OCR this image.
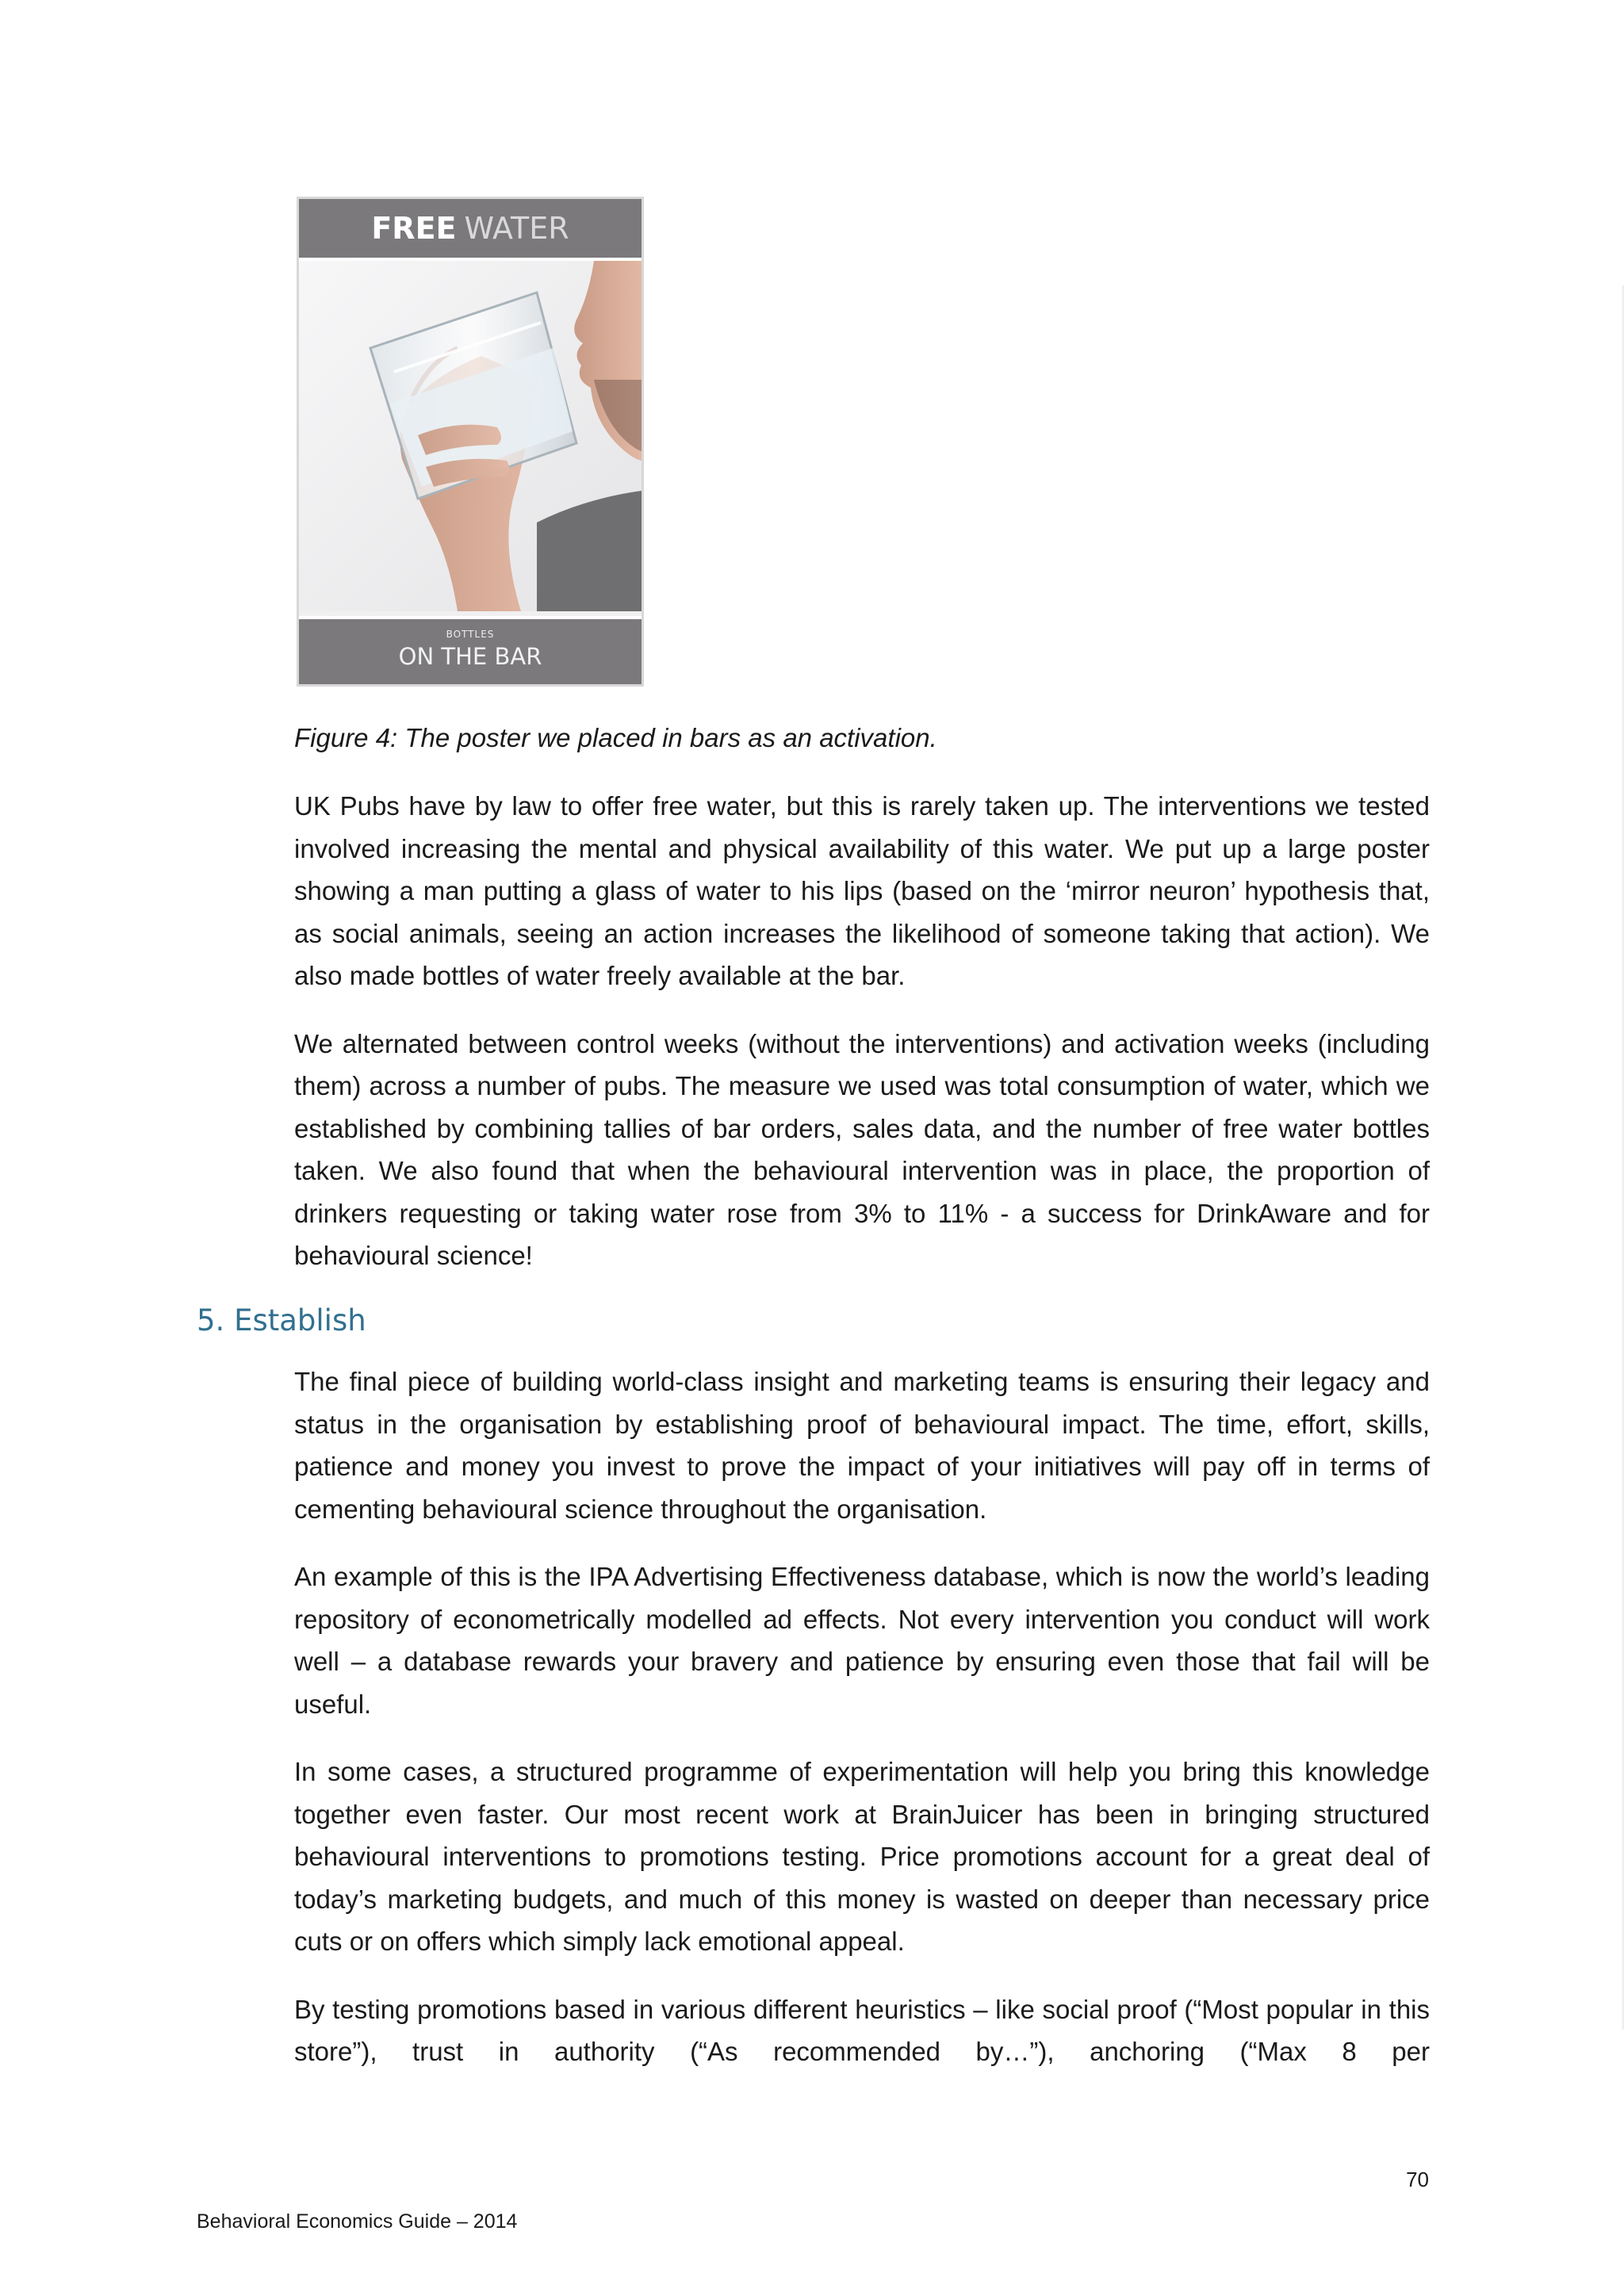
FREE WATER
BOTTLES
ON THE BAR

Figure 4: The poster we placed in bars as an activation.

UK Pubs have by law to offer free water, but this is rarely taken up. The interventions we tested involved increasing the mental and physical availability of this water. We put up a large poster showing a man putting a glass of water to his lips (based on the ‘mirror neuron’ hypothesis that, as social animals, seeing an action increases the likelihood of someone taking that action). We also made bottles of water freely available at the bar.

We alternated between control weeks (without the interventions) and activation weeks (including them) across a number of pubs. The measure we used was total consumption of water, which we established by combining tallies of bar orders, sales data, and the number of free water bottles taken. We also found that when the behavioural intervention was in place, the proportion of drinkers requesting or taking water rose from 3% to 11% - a success for DrinkAware and for behavioural science!

5. Establish

The final piece of building world-class insight and marketing teams is ensuring their legacy and status in the organisation by establishing proof of behavioural impact. The time, effort, skills, patience and money you invest to prove the impact of your initiatives will pay off in terms of cementing behavioural science throughout the organisation.

An example of this is the IPA Advertising Effectiveness database, which is now the world’s leading repository of econometrically modelled ad effects. Not every intervention you conduct will work well – a database rewards your bravery and patience by ensuring even those that fail will be useful.

In some cases, a structured programme of experimentation will help you bring this knowledge together even faster. Our most recent work at BrainJuicer has been in bringing structured behavioural interventions to promotions testing. Price promotions account for a great deal of today’s marketing budgets, and much of this money is wasted on deeper than necessary price cuts or on offers which simply lack emotional appeal.

By testing promotions based in various different heuristics – like social proof (“Most popular in this store”), trust in authority (“As recommended by…”), anchoring (“Max 8 per

70

Behavioral Economics Guide – 2014
